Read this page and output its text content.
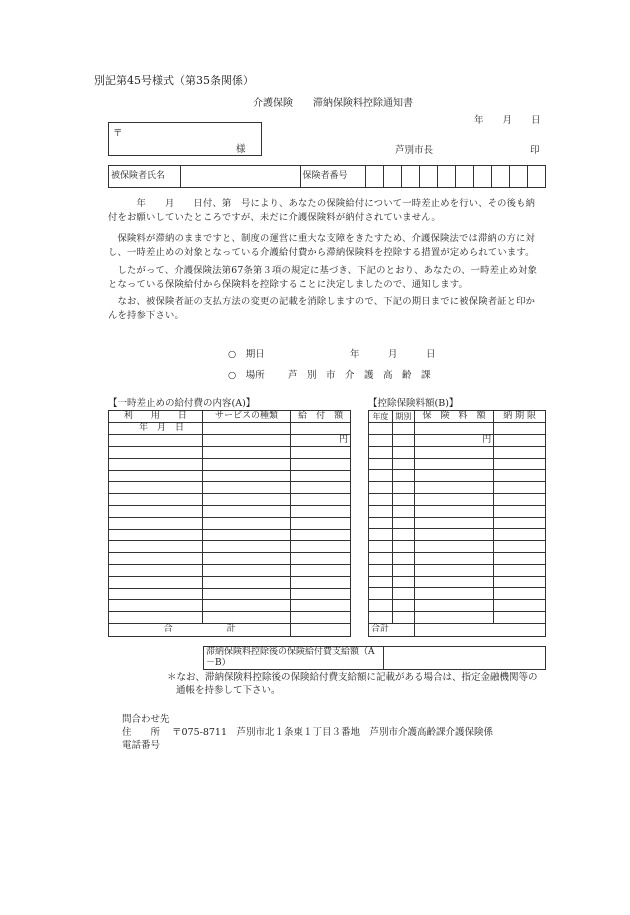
別記第45号様式（第35条関係）
介護保険　　滞納保険料控除通知書
年　　月　　日
〒
様	芦別市長	印
被保険者氏名		保険者番号										
　　　年　　月　　日付、第　号により、あなたの保険給付について一時差止めを行い、その後も納付をお願いしていたところですが、未だに介護保険料が納付されていません。
　保険料が滞納のままですと、制度の運営に重大な支障をきたすため、介護保険法では滞納の方に対し、一時差止めの対象となっている介護給付費から滞納保険料を控除する措置が定められています。
　したがって、介護保険法第67条第３項の規定に基づき、下記のとおり、あなたの、一時差止め対象となっている保険給付から保険料を控除することに決定しましたので、通知します。
　なお、被保険者証の支払方法の変更の記載を消除しますので、下記の期日までに被保険者証と印かんを持参下さい。
○　期日	年　　　月　　　日
○　場所 芦　別　市　介　護　高　齢　課
【一時差止めの給付費の内容(A)】	【控除保険料額(B)】
利　　用　　日	サービスの種類	給　付　額
年　月　日		
		円

合　　　　　　計		
年度	期別	保　険　料　額	納 期 限

		円	

合計			
滞納保険料控除後の保険給付費支給額（A－B）	
＊なお、滞納保険料控除後の保険給付費支給額に記載がある場合は、指定金融機関等の
通帳を持参して下さい。
問合わせ先
住　　所 〒075-8711　芦別市北１条東１丁目３番地　芦別市介護高齢課介護保険係
電話番号
